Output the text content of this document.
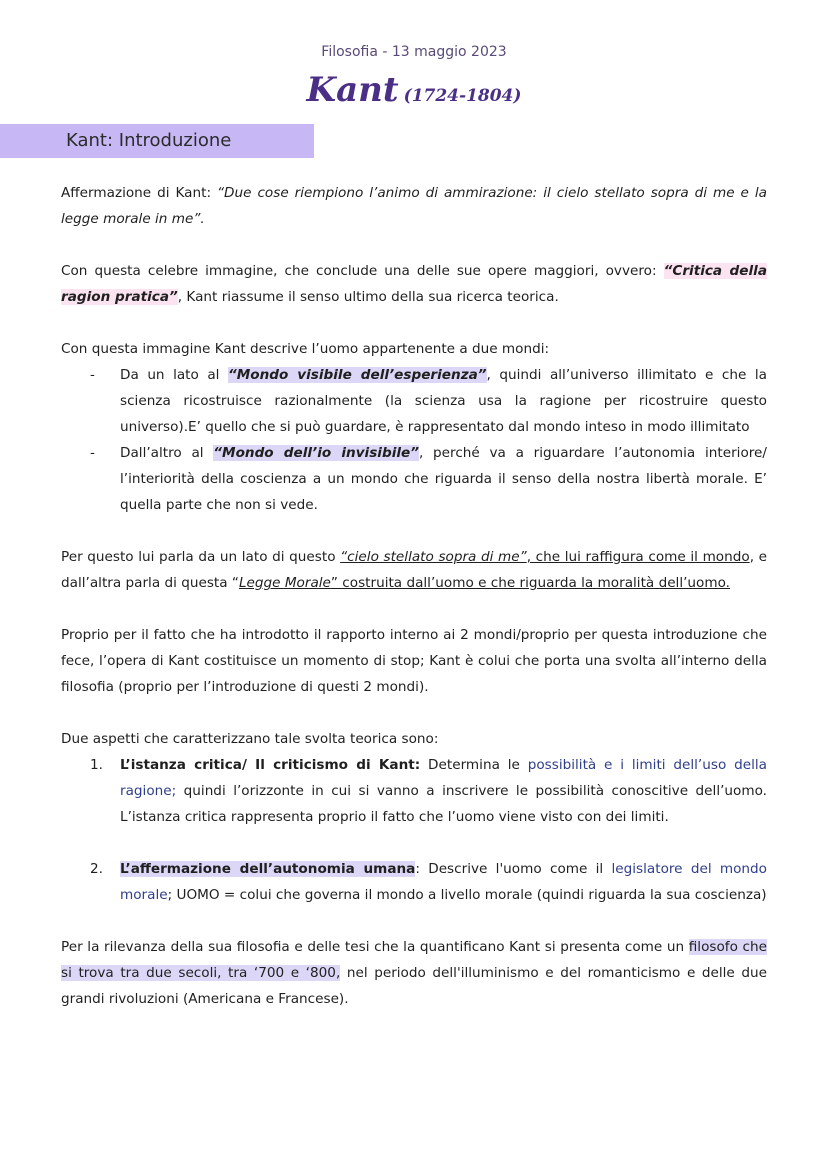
Filosofia - 13 maggio 2023
Kant (1724-1804)
Kant: Introduzione

Affermazione di Kant: “Due cose riempiono l’animo di ammirazione: il cielo stellato sopra di me e la legge morale in me”.

Con questa celebre immagine, che conclude una delle sue opere maggiori, ovvero: “Critica della ragion pratica”, Kant riassume il senso ultimo della sua ricerca teorica.

Con questa immagine Kant descrive l’uomo appartenente a due mondi:

- Da un lato al “Mondo visibile dell’esperienza”, quindi all’universo illimitato e che la scienza ricostruisce razionalmente (la scienza usa la ragione per ricostruire questo universo).E’ quello che si può guardare, è rappresentato dal mondo inteso in modo illimitato
- Dall’altro al “Mondo dell’io invisibile”, perché va a riguardare l’autonomia interiore/ l’interiorità della coscienza a un mondo che riguarda il senso della nostra libertà morale. E’ quella parte che non si vede.

Per questo lui parla da un lato di questo “cielo stellato sopra di me”, che lui raffigura come il mondo, e dall’altra parla di questa “Legge Morale” costruita dall’uomo e che riguarda la moralità dell’uomo.

Proprio per il fatto che ha introdotto il rapporto interno ai 2 mondi/proprio per questa introduzione che fece, l’opera di Kant costituisce un momento di stop; Kant è colui che porta una svolta all’interno della filosofia (proprio per l’introduzione di questi 2 mondi).

Due aspetti che caratterizzano tale svolta teorica sono:

1. L’istanza critica/ Il criticismo di Kant: Determina le possibilità e i limiti dell’uso della ragione; quindi l’orizzonte in cui si vanno a inscrivere le possibilità conoscitive dell’uomo. L’istanza critica rappresenta proprio il fatto che l’uomo viene visto con dei limiti.
2. L’affermazione dell’autonomia umana: Descrive l'uomo come il legislatore del mondo morale; UOMO = colui che governa il mondo a livello morale (quindi riguarda la sua coscienza)

Per la rilevanza della sua filosofia e delle tesi che la quantificano Kant si presenta come un filosofo che si trova tra due secoli, tra ‘700 e ‘800, nel periodo dell'illuminismo e del romanticismo e delle due grandi rivoluzioni (Americana e Francese).
